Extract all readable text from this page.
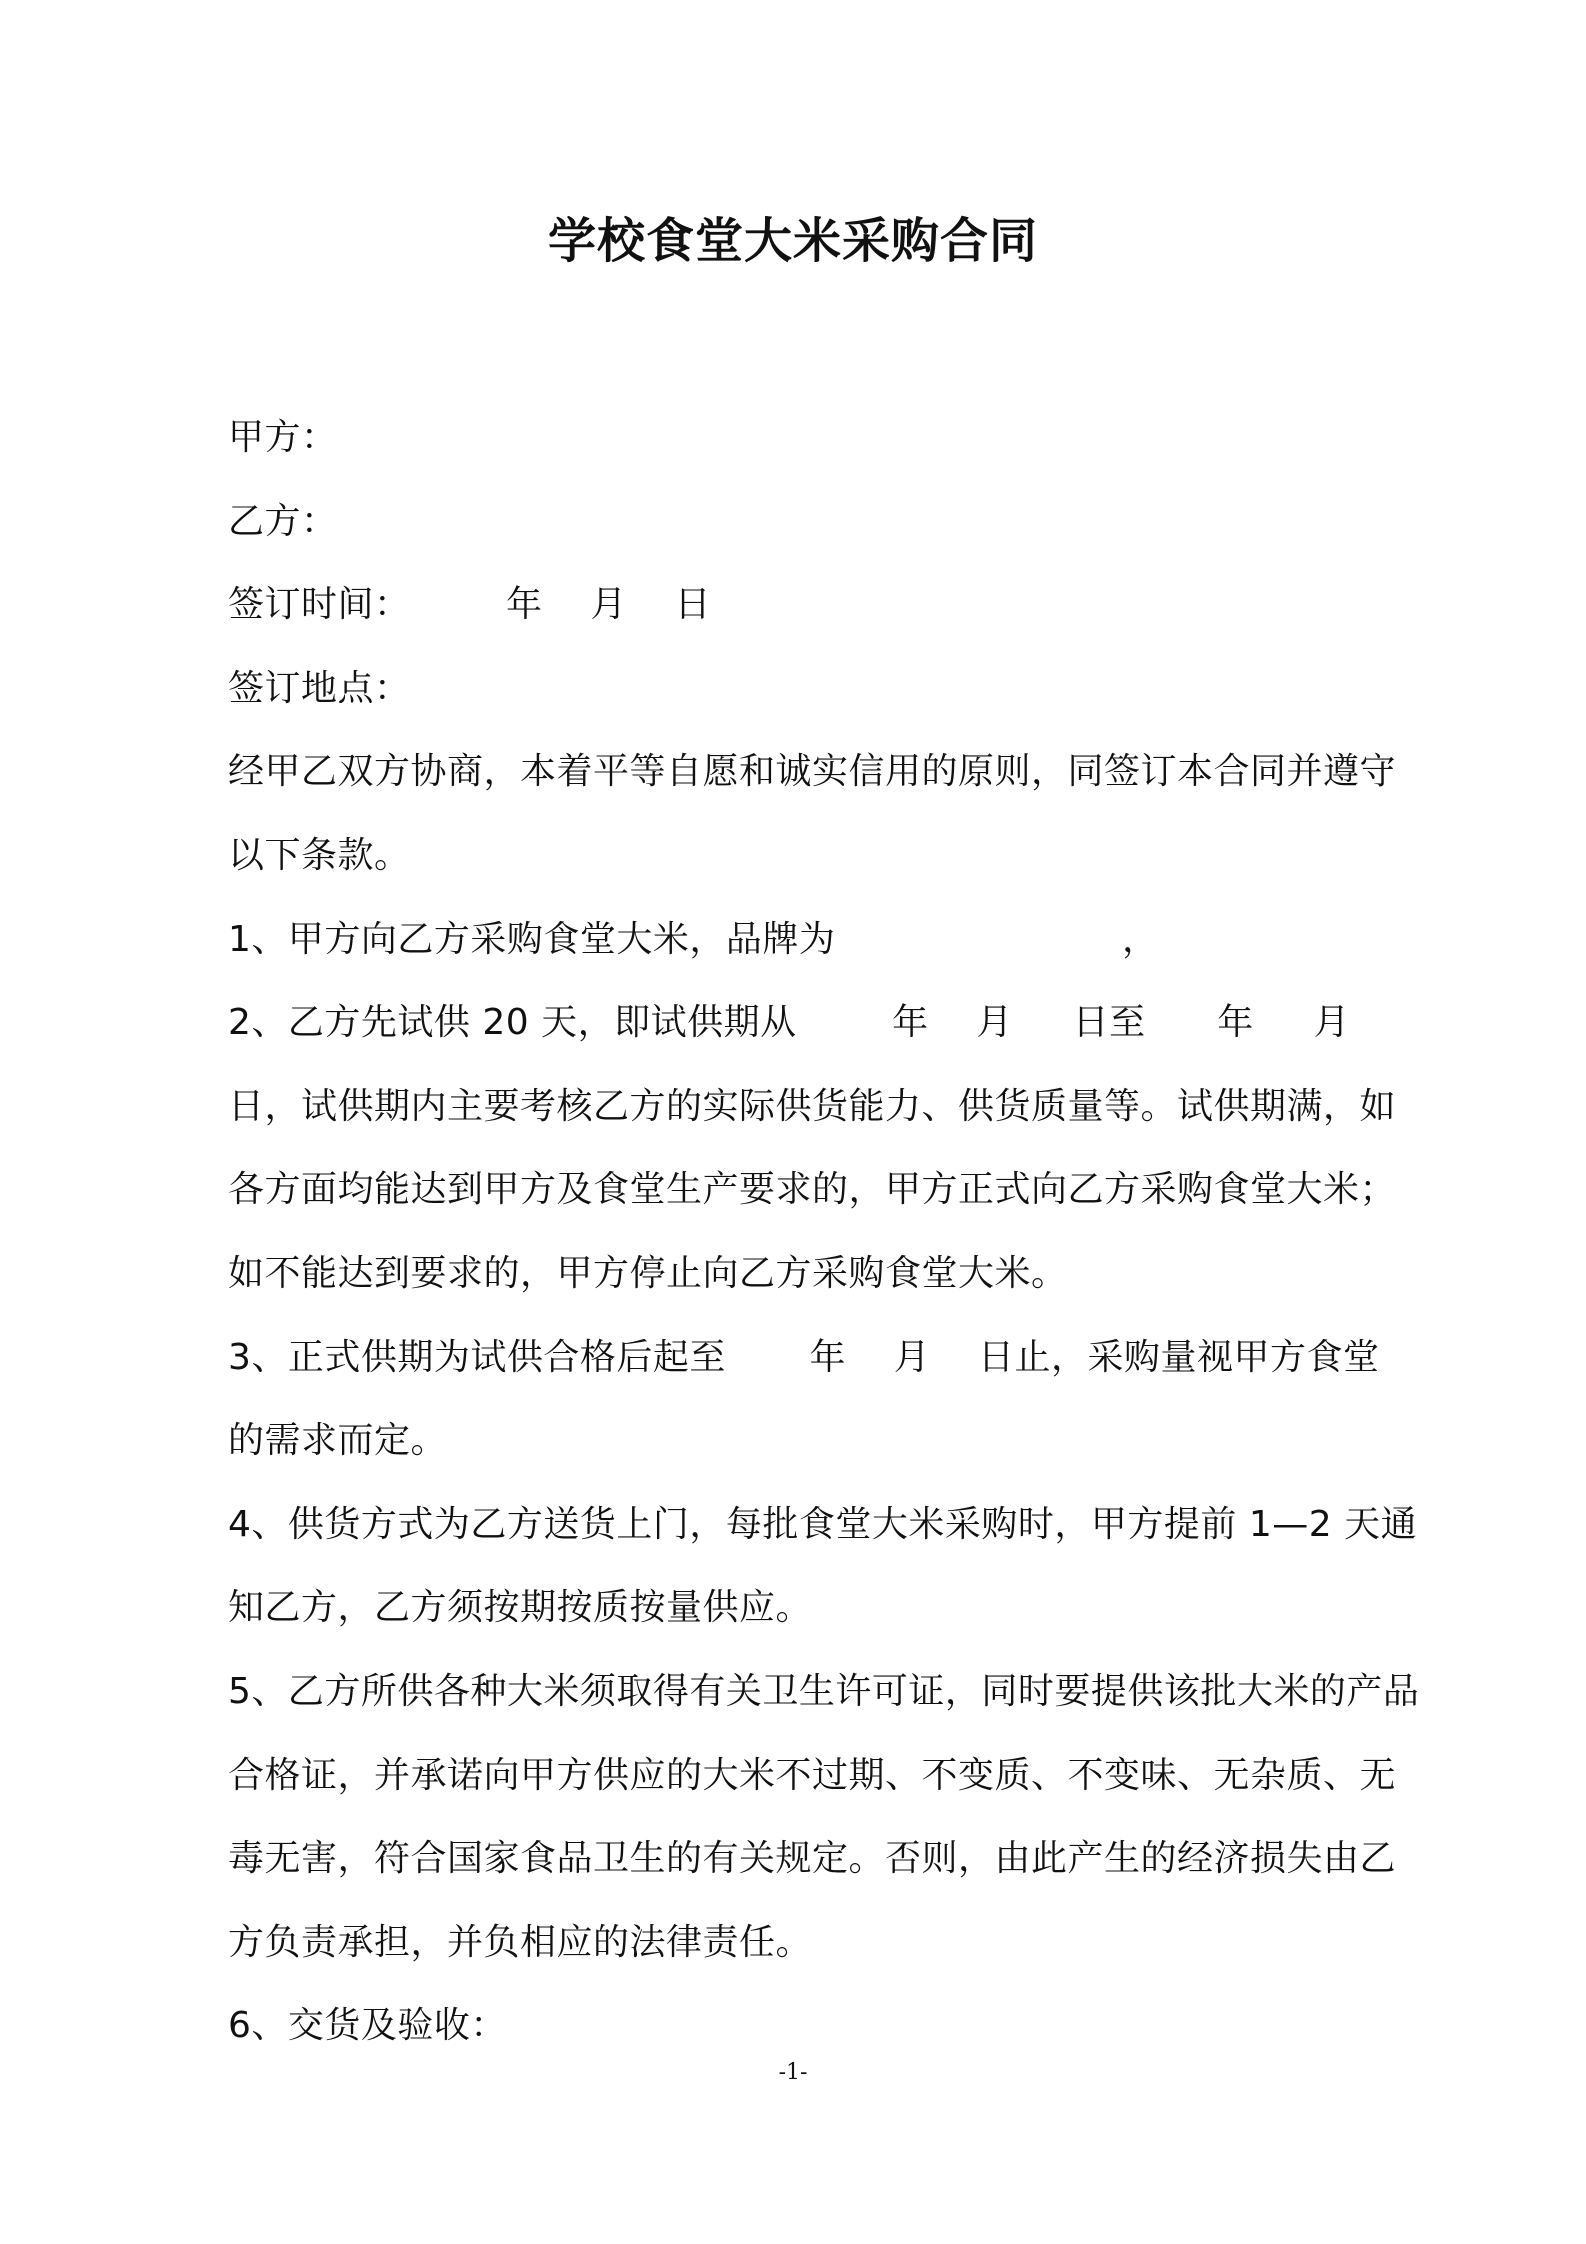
学校食堂大米采购合同
甲方：
乙方：
签订时间：        年    月    日
签订地点：
经甲乙双方协商，本着平等自愿和诚实信用的原则，同签订本合同并遵守
以下条款。
1、甲方向乙方采购食堂大米，品牌为                        ，
2、乙方先试供 20 天，即试供期从        年    月     日至      年     月
日，试供期内主要考核乙方的实际供货能力、供货质量等。试供期满，如
各方面均能达到甲方及食堂生产要求的，甲方正式向乙方采购食堂大米；
如不能达到要求的，甲方停止向乙方采购食堂大米。
3、正式供期为试供合格后起至       年    月    日止，采购量视甲方食堂
的需求而定。
4、供货方式为乙方送货上门，每批食堂大米采购时，甲方提前 1—2 天通
知乙方，乙方须按期按质按量供应。
5、乙方所供各种大米须取得有关卫生许可证，同时要提供该批大米的产品
合格证，并承诺向甲方供应的大米不过期、不变质、不变味、无杂质、无
毒无害，符合国家食品卫生的有关规定。否则，由此产生的经济损失由乙
方负责承担，并负相应的法律责任。
6、交货及验收：
-1-
